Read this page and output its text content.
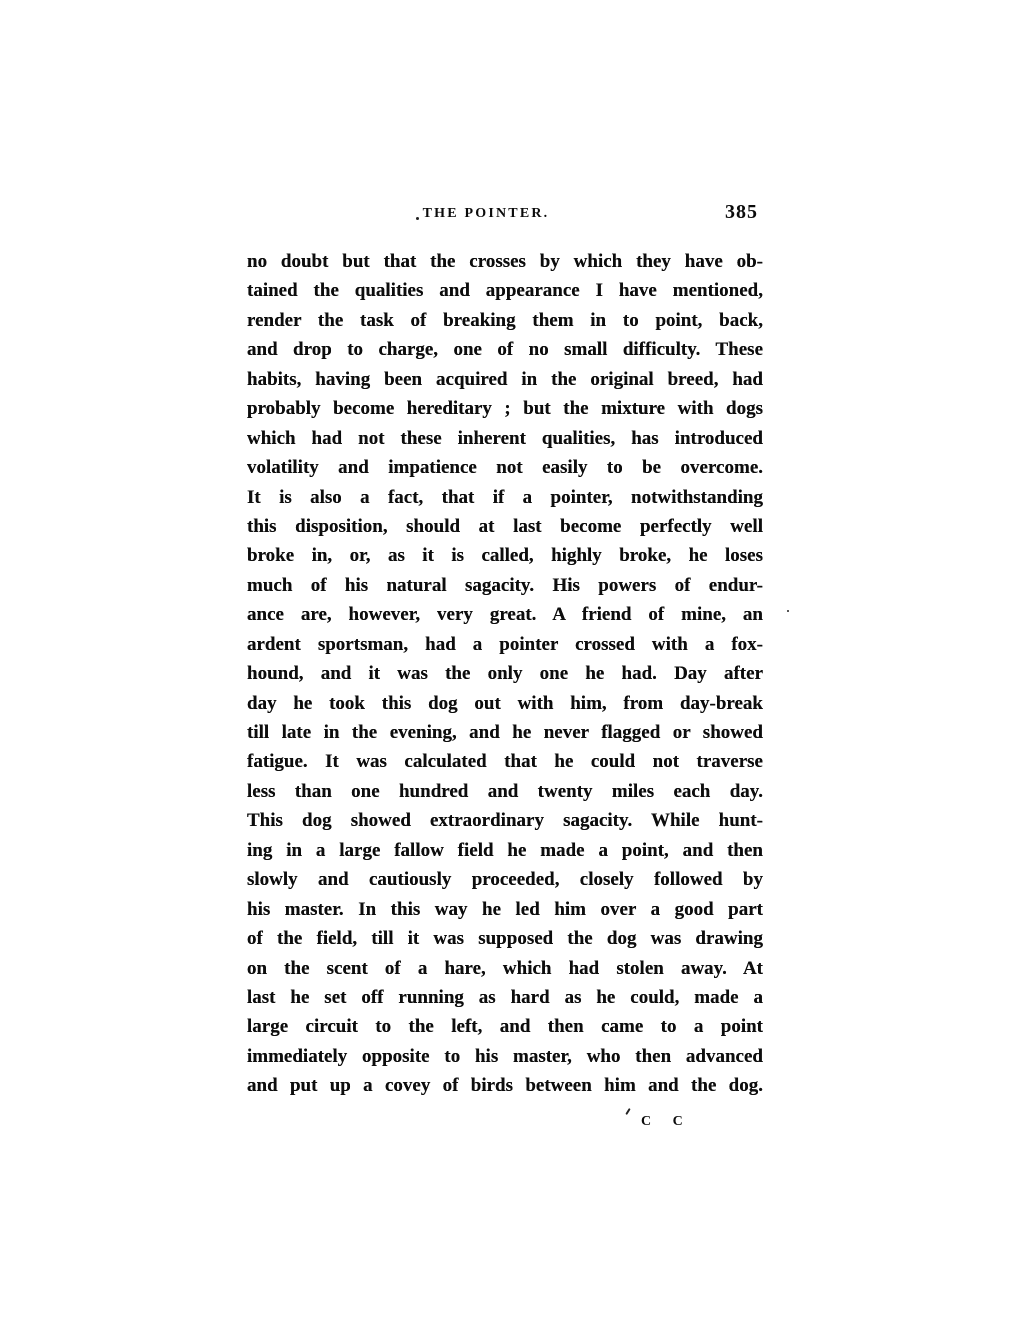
THE POINTER.	385
no doubt but that the crosses by which they have ob-
tained the qualities and appearance I have mentioned,
render the task of breaking them in to point, back,
and drop to charge, one of no small difficulty. These
habits, having been acquired in the original breed, had
probably become hereditary ; but the mixture with dogs
which had not these inherent qualities, has introduced
volatility and impatience not easily to be overcome.
It is also a fact, that if a pointer, notwithstanding
this disposition, should at last become perfectly well
broke in, or, as it is called, highly broke, he loses
much of his natural sagacity. His powers of endur-
ance are, however, very great. A friend of mine, an
ardent sportsman, had a pointer crossed with a fox-
hound, and it was the only one he had. Day after
day he took this dog out with him, from day-break
till late in the evening, and he never flagged or showed
fatigue. It was calculated that he could not traverse
less than one hundred and twenty miles each day.
This dog showed extraordinary sagacity. While hunt-
ing in a large fallow field he made a point, and then
slowly and cautiously proceeded, closely followed by
his master. In this way he led him over a good part
of the field, till it was supposed the dog was drawing
on the scent of a hare, which had stolen away. At
last he set off running as hard as he could, made a
large circuit to the left, and then came to a point
immediately opposite to his master, who then advanced
and put up a covey of birds between him and the dog.
C C
